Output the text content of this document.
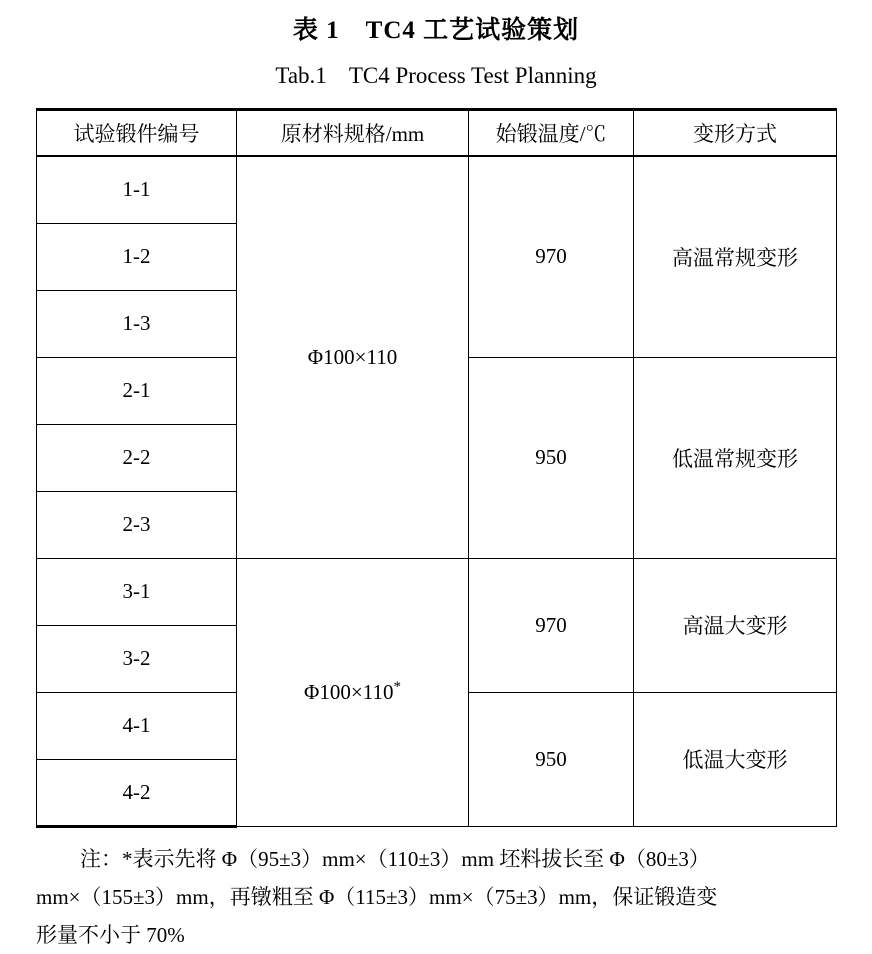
表 1 TC4 工艺试验策划
Tab.1 TC4 Process Test Planning
试验锻件编号	原材料规格/mm	始锻温度/℃	变形方式
1-1	Φ100×110	970	高温常规变形
1-2			
1-3			
2-1		950	低温常规变形
2-2			
2-3			
3-1	Φ100×110*	970	高温大变形
3-2			
4-1		950	低温大变形
4-2			
注：*表示先将 Φ（95±3）mm×（110±3）mm 坯料拔长至 Φ（80±3）
mm×（155±3）mm，再镦粗至 Φ（115±3）mm×（75±3）mm，保证锻造变
形量不小于 70%
